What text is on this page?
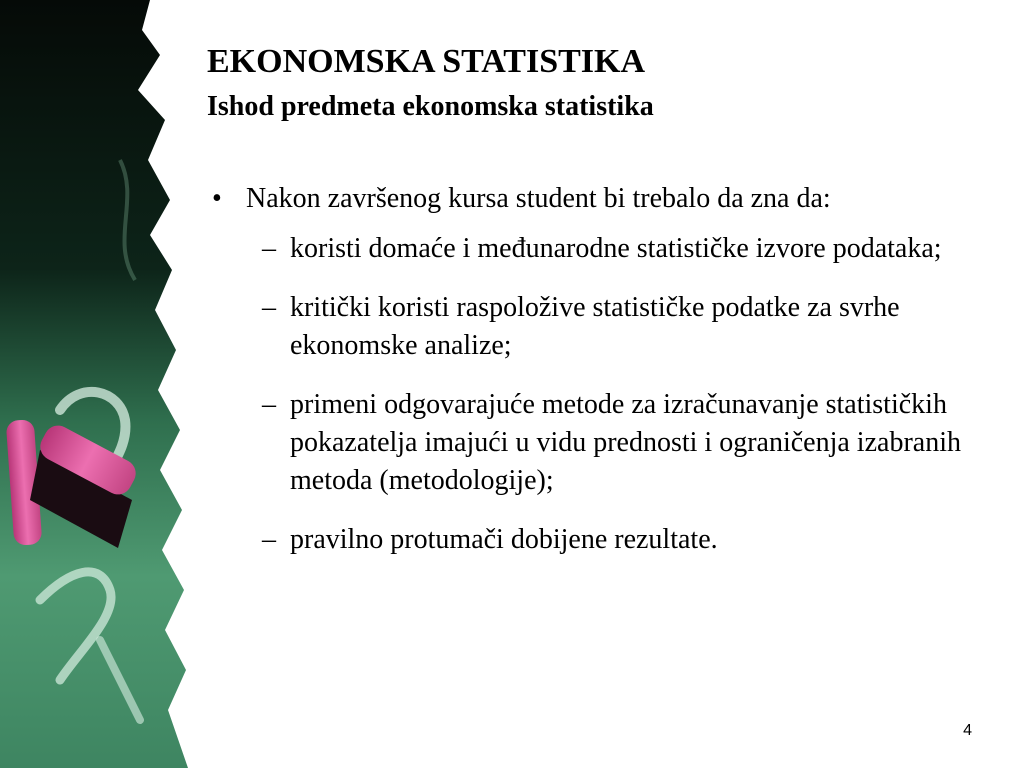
EKONOMSKA STATISTIKA
Ishod predmeta ekonomska statistika
• Nakon završenog kursa student bi trebalo da zna da:
– koristi domaće i međunarodne statističke izvore podataka;
– kritički koristi raspoložive statističke podatke za svrhe ekonomske analize;
– primeni odgovarajuće metode za izračunavanje statističkih pokazatelja imajući u vidu prednosti i ograničenja izabranih metoda (metodologije);
– pravilno protumači dobijene rezultate.
4
